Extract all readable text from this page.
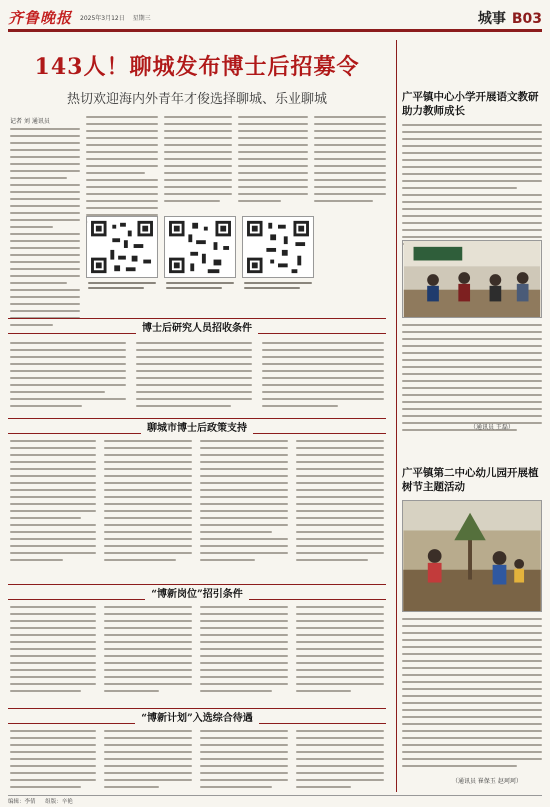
齐鲁晚报 2025年3月12日 星期三	城事 B03
143人！聊城发布博士后招募令
热切欢迎海内外青年才俊选择聊城、乐业聊城
记者 刘 通讯员
博士后研究人员招收条件
聊城市博士后政策支持
“博新岗位”招引条件
“博新计划”入选综合待遇
广平镇中心小学开展语文教研助力教师成长
（通讯员 王磊）
广平镇第二中心幼儿园开展植树节主题活动
（通讯员 崔保玉 赵珂珂）
编辑：李倩 组版：辛艳
